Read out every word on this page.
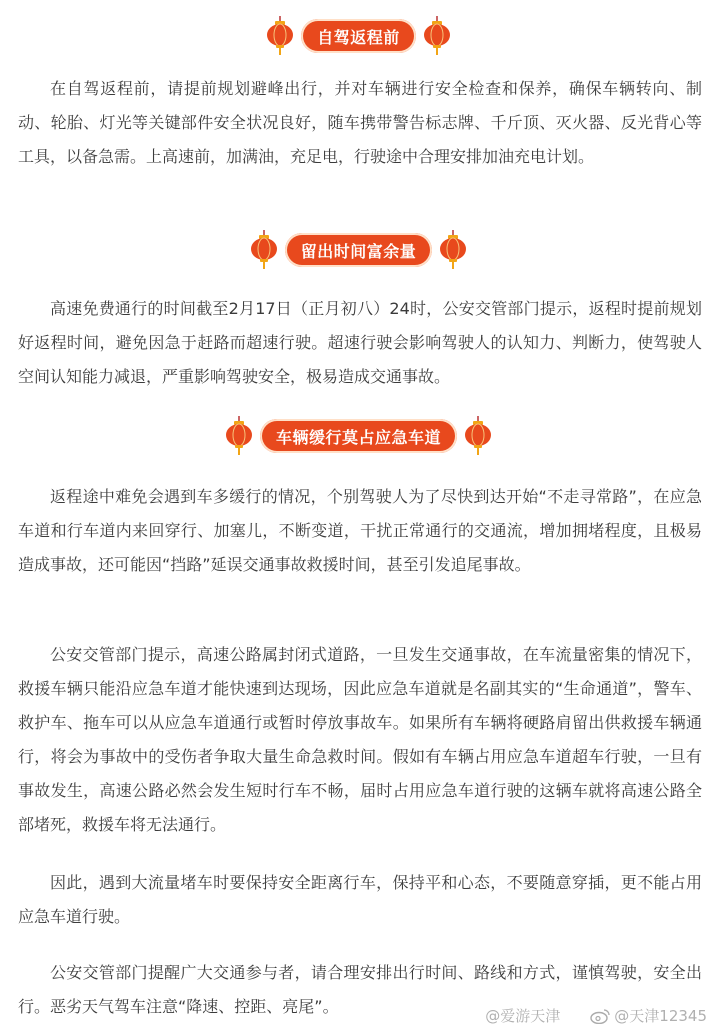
自驾返程前

在自驾返程前，请提前规划避峰出行，并对车辆进行安全检查和保养，确保车辆转向、制动、轮胎、灯光等关键部件安全状况良好，随车携带警告标志牌、千斤顶、灭火器、反光背心等工具，以备急需。上高速前，加满油，充足电，行驶途中合理安排加油充电计划。

留出时间富余量

高速免费通行的时间截至2月17日（正月初八）24时，公安交管部门提示，返程时提前规划好返程时间，避免因急于赶路而超速行驶。超速行驶会影响驾驶人的认知力、判断力，使驾驶人空间认知能力减退，严重影响驾驶安全，极易造成交通事故。

车辆缓行莫占应急车道

返程途中难免会遇到车多缓行的情况，个别驾驶人为了尽快到达开始“不走寻常路”，在应急车道和行车道内来回穿行、加塞儿，不断变道，干扰正常通行的交通流，增加拥堵程度，且极易造成事故，还可能因“挡路”延误交通事故救援时间，甚至引发追尾事故。

公安交管部门提示，高速公路属封闭式道路，一旦发生交通事故，在车流量密集的情况下，救援车辆只能沿应急车道才能快速到达现场，因此应急车道就是名副其实的“生命通道”，警车、救护车、拖车可以从应急车道通行或暂时停放事故车。如果所有车辆将硬路肩留出供救援车辆通行，将会为事故中的受伤者争取大量生命急救时间。假如有车辆占用应急车道超车行驶，一旦有事故发生，高速公路必然会发生短时行车不畅，届时占用应急车道行驶的这辆车就将高速公路全部堵死，救援车将无法通行。

因此，遇到大流量堵车时要保持安全距离行车，保持平和心态，不要随意穿插，更不能占用应急车道行驶。

公安交管部门提醒广大交通参与者，请合理安排出行时间、路线和方式，谨慎驾驶，安全出行。恶劣天气驾车注意“降速、控距、亮尾”。	@爱游天津	@天津12345
